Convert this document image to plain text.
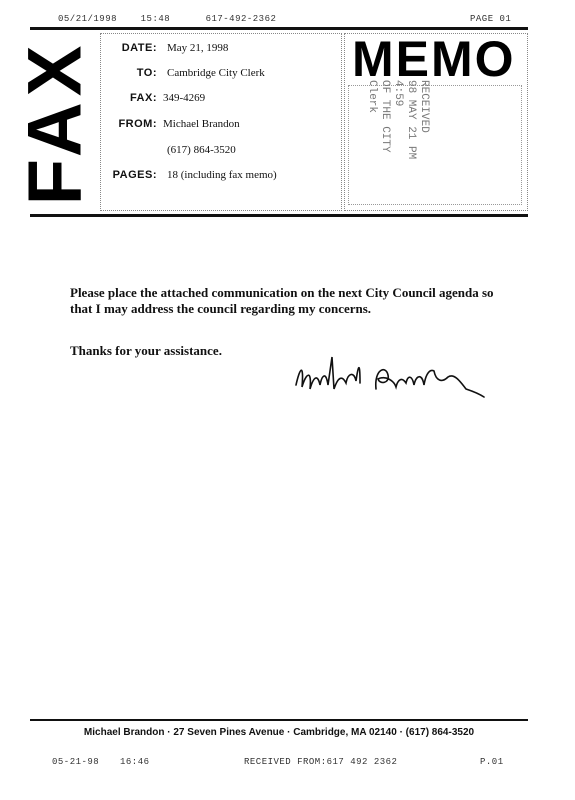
05/21/1998	15:48	617-492-2362	PAGE 01
FAX	DATE: May 21, 1998
TO: Cambridge City Clerk
FAX: 349-4269
FROM: Michael Brandon
(617) 864-3520
PAGES: 18 (including fax memo)
MEMO
RECEIVED
98 MAY 21 PM 4:59
OF THE CITY
Clerk
Please place the attached communication on the next City Council agenda so that I may address the council regarding my concerns.
Thanks for your assistance.
Michael Brandon · 27 Seven Pines Avenue · Cambridge, MA 02140 · (617) 864-3520
05-21-98 16:46	RECEIVED FROM:617 492 2362	P.01
